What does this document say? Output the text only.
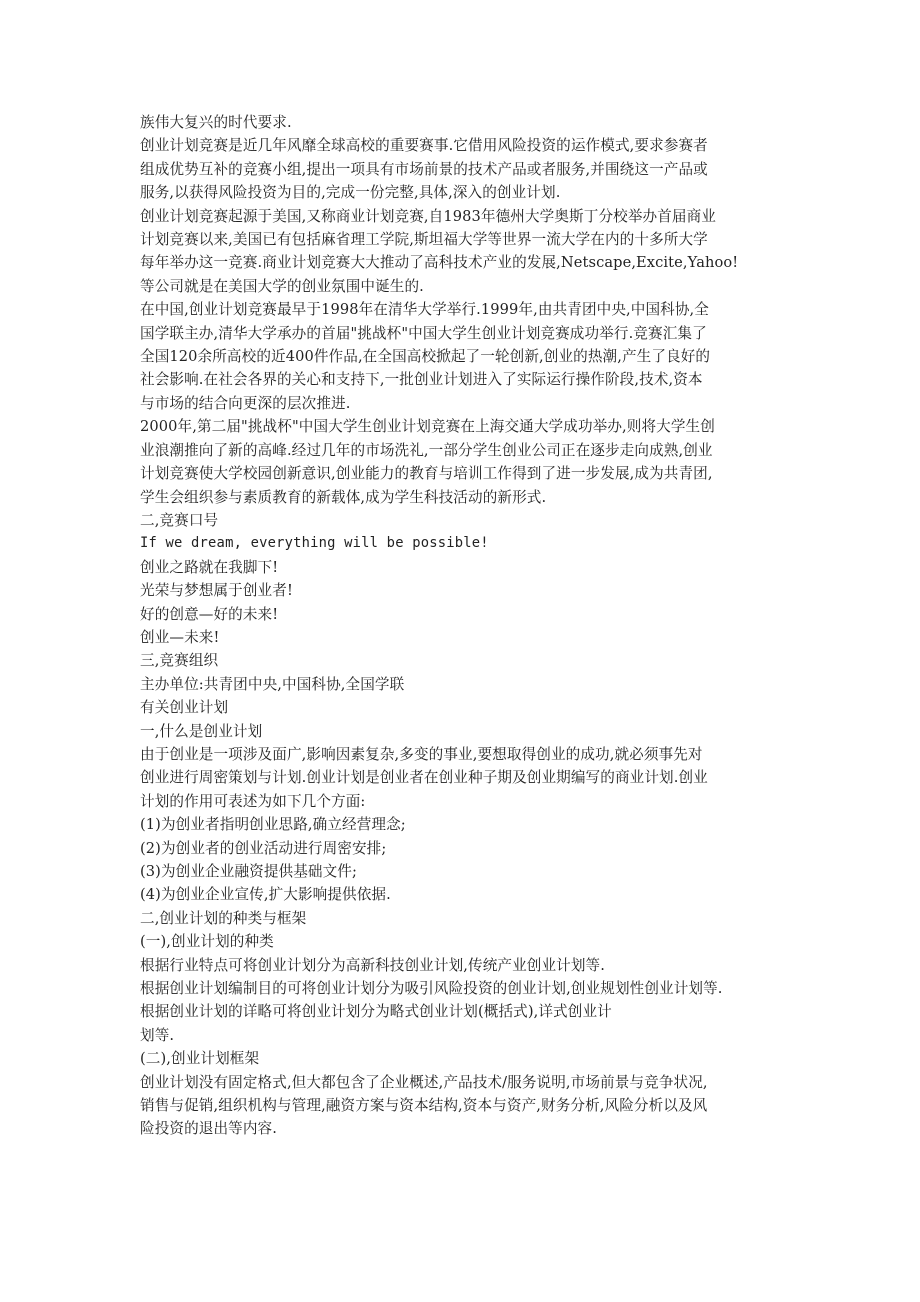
族伟大复兴的时代要求.

创业计划竞赛是近几年风靡全球高校的重要赛事.它借用风险投资的运作模式,要求参赛者
组成优势互补的竞赛小组,提出一项具有市场前景的技术产品或者服务,并围绕这一产品或
服务,以获得风险投资为目的,完成一份完整,具体,深入的创业计划.

创业计划竞赛起源于美国,又称商业计划竞赛,自1983年德州大学奥斯丁分校举办首届商业
计划竞赛以来,美国已有包括麻省理工学院,斯坦福大学等世界一流大学在内的十多所大学
每年举办这一竞赛.商业计划竞赛大大推动了高科技术产业的发展,Netscape,Excite,Yahoo!
等公司就是在美国大学的创业氛围中诞生的.

在中国,创业计划竞赛最早于1998年在清华大学举行.1999年,由共青团中央,中国科协,全
国学联主办,清华大学承办的首届"挑战杯"中国大学生创业计划竞赛成功举行.竞赛汇集了
全国120余所高校的近400件作品,在全国高校掀起了一轮创新,创业的热潮,产生了良好的
社会影响.在社会各界的关心和支持下,一批创业计划进入了实际运行操作阶段,技术,资本
与市场的结合向更深的层次推进.

2000年,第二届"挑战杯"中国大学生创业计划竞赛在上海交通大学成功举办,则将大学生创
业浪潮推向了新的高峰.经过几年的市场洗礼,一部分学生创业公司正在逐步走向成熟,创业
计划竞赛使大学校园创新意识,创业能力的教育与培训工作得到了进一步发展,成为共青团,
学生会组织参与素质教育的新载体,成为学生科技活动的新形式.

二,竞赛口号

If we dream, everything will be possible!

创业之路就在我脚下!

光荣与梦想属于创业者!

好的创意—好的未来!

创业—未来!

三,竞赛组织

主办单位:共青团中央,中国科协,全国学联

有关创业计划

一,什么是创业计划

由于创业是一项涉及面广,影响因素复杂,多变的事业,要想取得创业的成功,就必须事先对
创业进行周密策划与计划.创业计划是创业者在创业种子期及创业期编写的商业计划.创业
计划的作用可表述为如下几个方面:

(1)为创业者指明创业思路,确立经营理念;

(2)为创业者的创业活动进行周密安排;

(3)为创业企业融资提供基础文件;

(4)为创业企业宣传,扩大影响提供依据.

二,创业计划的种类与框架

(一),创业计划的种类

根据行业特点可将创业计划分为高新科技创业计划,传统产业创业计划等.

根据创业计划编制目的可将创业计划分为吸引风险投资的创业计划,创业规划性创业计划等.

根据创业计划的详略可将创业计划分为略式创业计划(概括式),详式创业计
划等.

(二),创业计划框架

创业计划没有固定格式,但大都包含了企业概述,产品技术/服务说明,市场前景与竞争状况,
销售与促销,组织机构与管理,融资方案与资本结构,资本与资产,财务分析,风险分析以及风
险投资的退出等内容.
